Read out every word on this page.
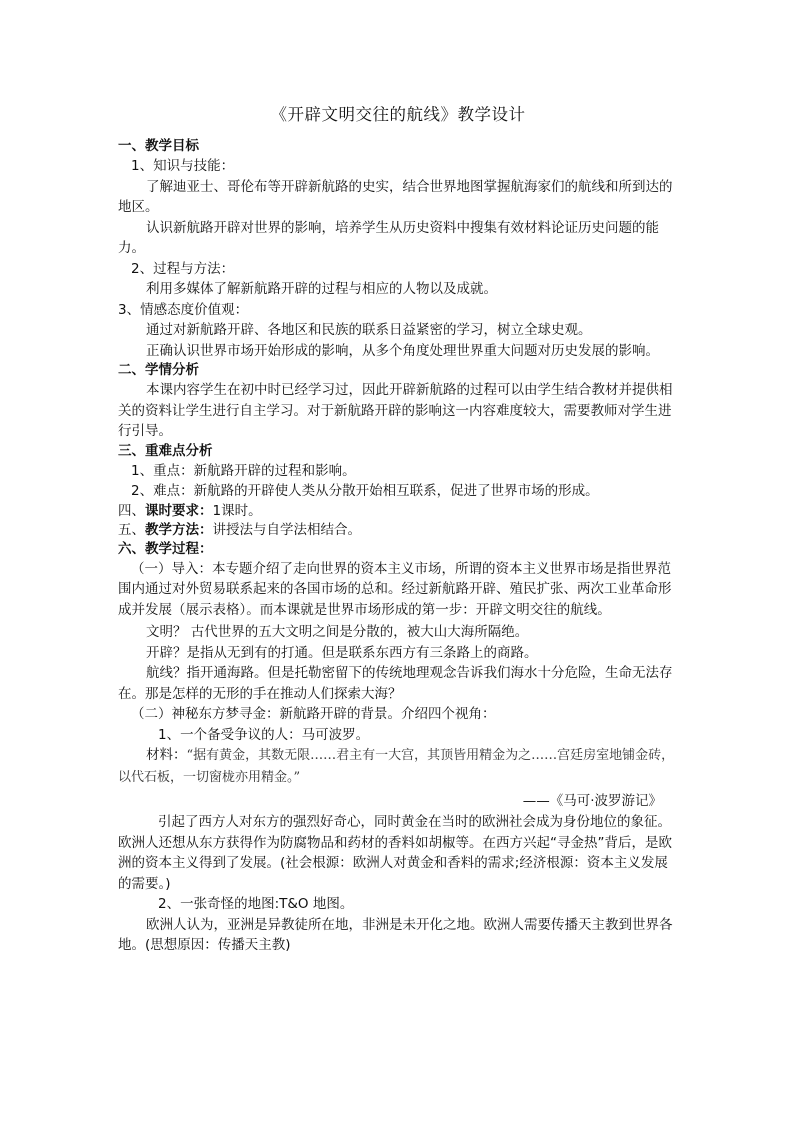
《开辟文明交往的航线》教学设计
一、教学目标
1、知识与技能：
了解迪亚士、哥伦布等开辟新航路的史实，结合世界地图掌握航海家们的航线和所到达的地区。
认识新航路开辟对世界的影响，培养学生从历史资料中搜集有效材料论证历史问题的能力。
2、过程与方法：
利用多媒体了解新航路开辟的过程与相应的人物以及成就。
3、情感态度价值观：
通过对新航路开辟、各地区和民族的联系日益紧密的学习，树立全球史观。
正确认识世界市场开始形成的影响，从多个角度处理世界重大问题对历史发展的影响。
二、学情分析
本课内容学生在初中时已经学习过，因此开辟新航路的过程可以由学生结合教材并提供相关的资料让学生进行自主学习。对于新航路开辟的影响这一内容难度较大，需要教师对学生进行引导。
三、重难点分析
1、重点：新航路开辟的过程和影响。
2、难点：新航路的开辟使人类从分散开始相互联系，促进了世界市场的形成。
四、课时要求：1课时。
五、教学方法：讲授法与自学法相结合。
六、教学过程：
（一）导入：本专题介绍了走向世界的资本主义市场，所谓的资本主义世界市场是指世界范围内通过对外贸易联系起来的各国市场的总和。经过新航路开辟、殖民扩张、两次工业革命形成并发展（展示表格）。而本课就是世界市场形成的第一步：开辟文明交往的航线。
文明？ 古代世界的五大文明之间是分散的，被大山大海所隔绝。
开辟？是指从无到有的打通。但是联系东西方有三条路上的商路。
航线？指开通海路。但是托勒密留下的传统地理观念告诉我们海水十分危险，生命无法存在。那是怎样的无形的手在推动人们探索大海？
（二）神秘东方梦寻金：新航路开辟的背景。介绍四个视角：
1、一个备受争议的人：马可波罗。
材料：“据有黄金，其数无限……君主有一大宫，其顶皆用精金为之……宫廷房室地铺金砖，以代石板，一切窗栊亦用精金。”
——《马可·波罗游记》
引起了西方人对东方的强烈好奇心，同时黄金在当时的欧洲社会成为身份地位的象征。欧洲人还想从东方获得作为防腐物品和药材的香料如胡椒等。在西方兴起“寻金热”背后，是欧洲的资本主义得到了发展。(社会根源：欧洲人对黄金和香料的需求;经济根源：资本主义发展的需要。)
2、一张奇怪的地图:T&O 地图。
欧洲人认为，亚洲是异教徒所在地，非洲是未开化之地。欧洲人需要传播天主教到世界各地。(思想原因：传播天主教)
